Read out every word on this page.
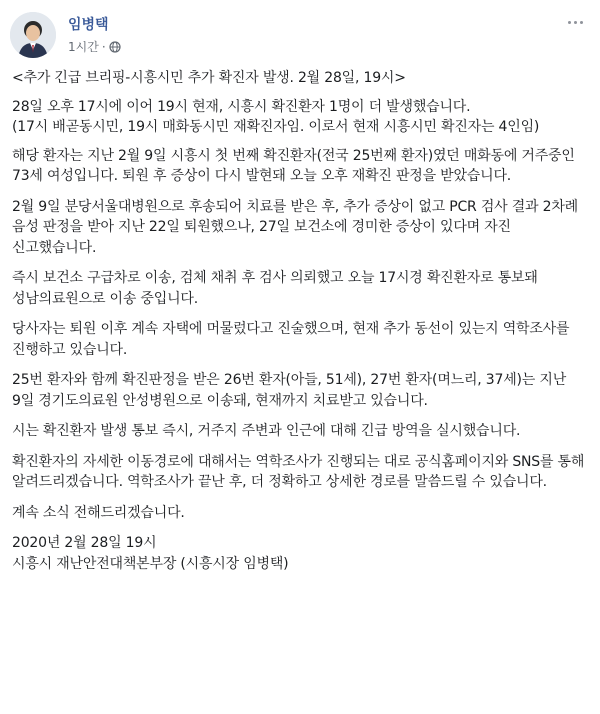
임병택
1시간 ·

<추가 긴급 브리핑-시흥시민 추가 확진자 발생. 2월 28일, 19시>

28일 오후 17시에 이어 19시 현재, 시흥시 확진환자 1명이 더 발생했습니다.
(17시 배곧동시민, 19시 매화동시민 재확진자임. 이로서 현재 시흥시민 확진자는 4인임)

해당 환자는 지난 2월 9일 시흥시 첫 번째 확진환자(전국 25번째 환자)였던 매화동에 거주중인 73세 여성입니다. 퇴원 후 증상이 다시 발현돼 오늘 오후 재확진 판정을 받았습니다.

2월 9일 분당서울대병원으로 후송되어 치료를 받은 후, 추가 증상이 없고 PCR 검사 결과 2차례 음성 판정을 받아 지난 22일 퇴원했으나, 27일 보건소에 경미한 증상이 있다며 자진 신고했습니다.

즉시 보건소 구급차로 이송, 검체 채취 후 검사 의뢰했고 오늘 17시경 확진환자로 통보돼 성남의료원으로 이송 중입니다.

당사자는 퇴원 이후 계속 자택에 머물렀다고 진술했으며, 현재 추가 동선이 있는지 역학조사를 진행하고 있습니다.

25번 환자와 함께 확진판정을 받은 26번 환자(아들, 51세), 27번 환자(며느리, 37세)는 지난 9일 경기도의료원 안성병원으로 이송돼, 현재까지 치료받고 있습니다.

시는 확진환자 발생 통보 즉시, 거주지 주변과 인근에 대해 긴급 방역을 실시했습니다.

확진환자의 자세한 이동경로에 대해서는 역학조사가 진행되는 대로 공식홈페이지와 SNS를 통해 알려드리겠습니다. 역학조사가 끝난 후, 더 정확하고 상세한 경로를 말씀드릴 수 있습니다.

계속 소식 전해드리겠습니다.

2020년 2월 28일 19시
시흥시 재난안전대책본부장 (시흥시장 임병택)
